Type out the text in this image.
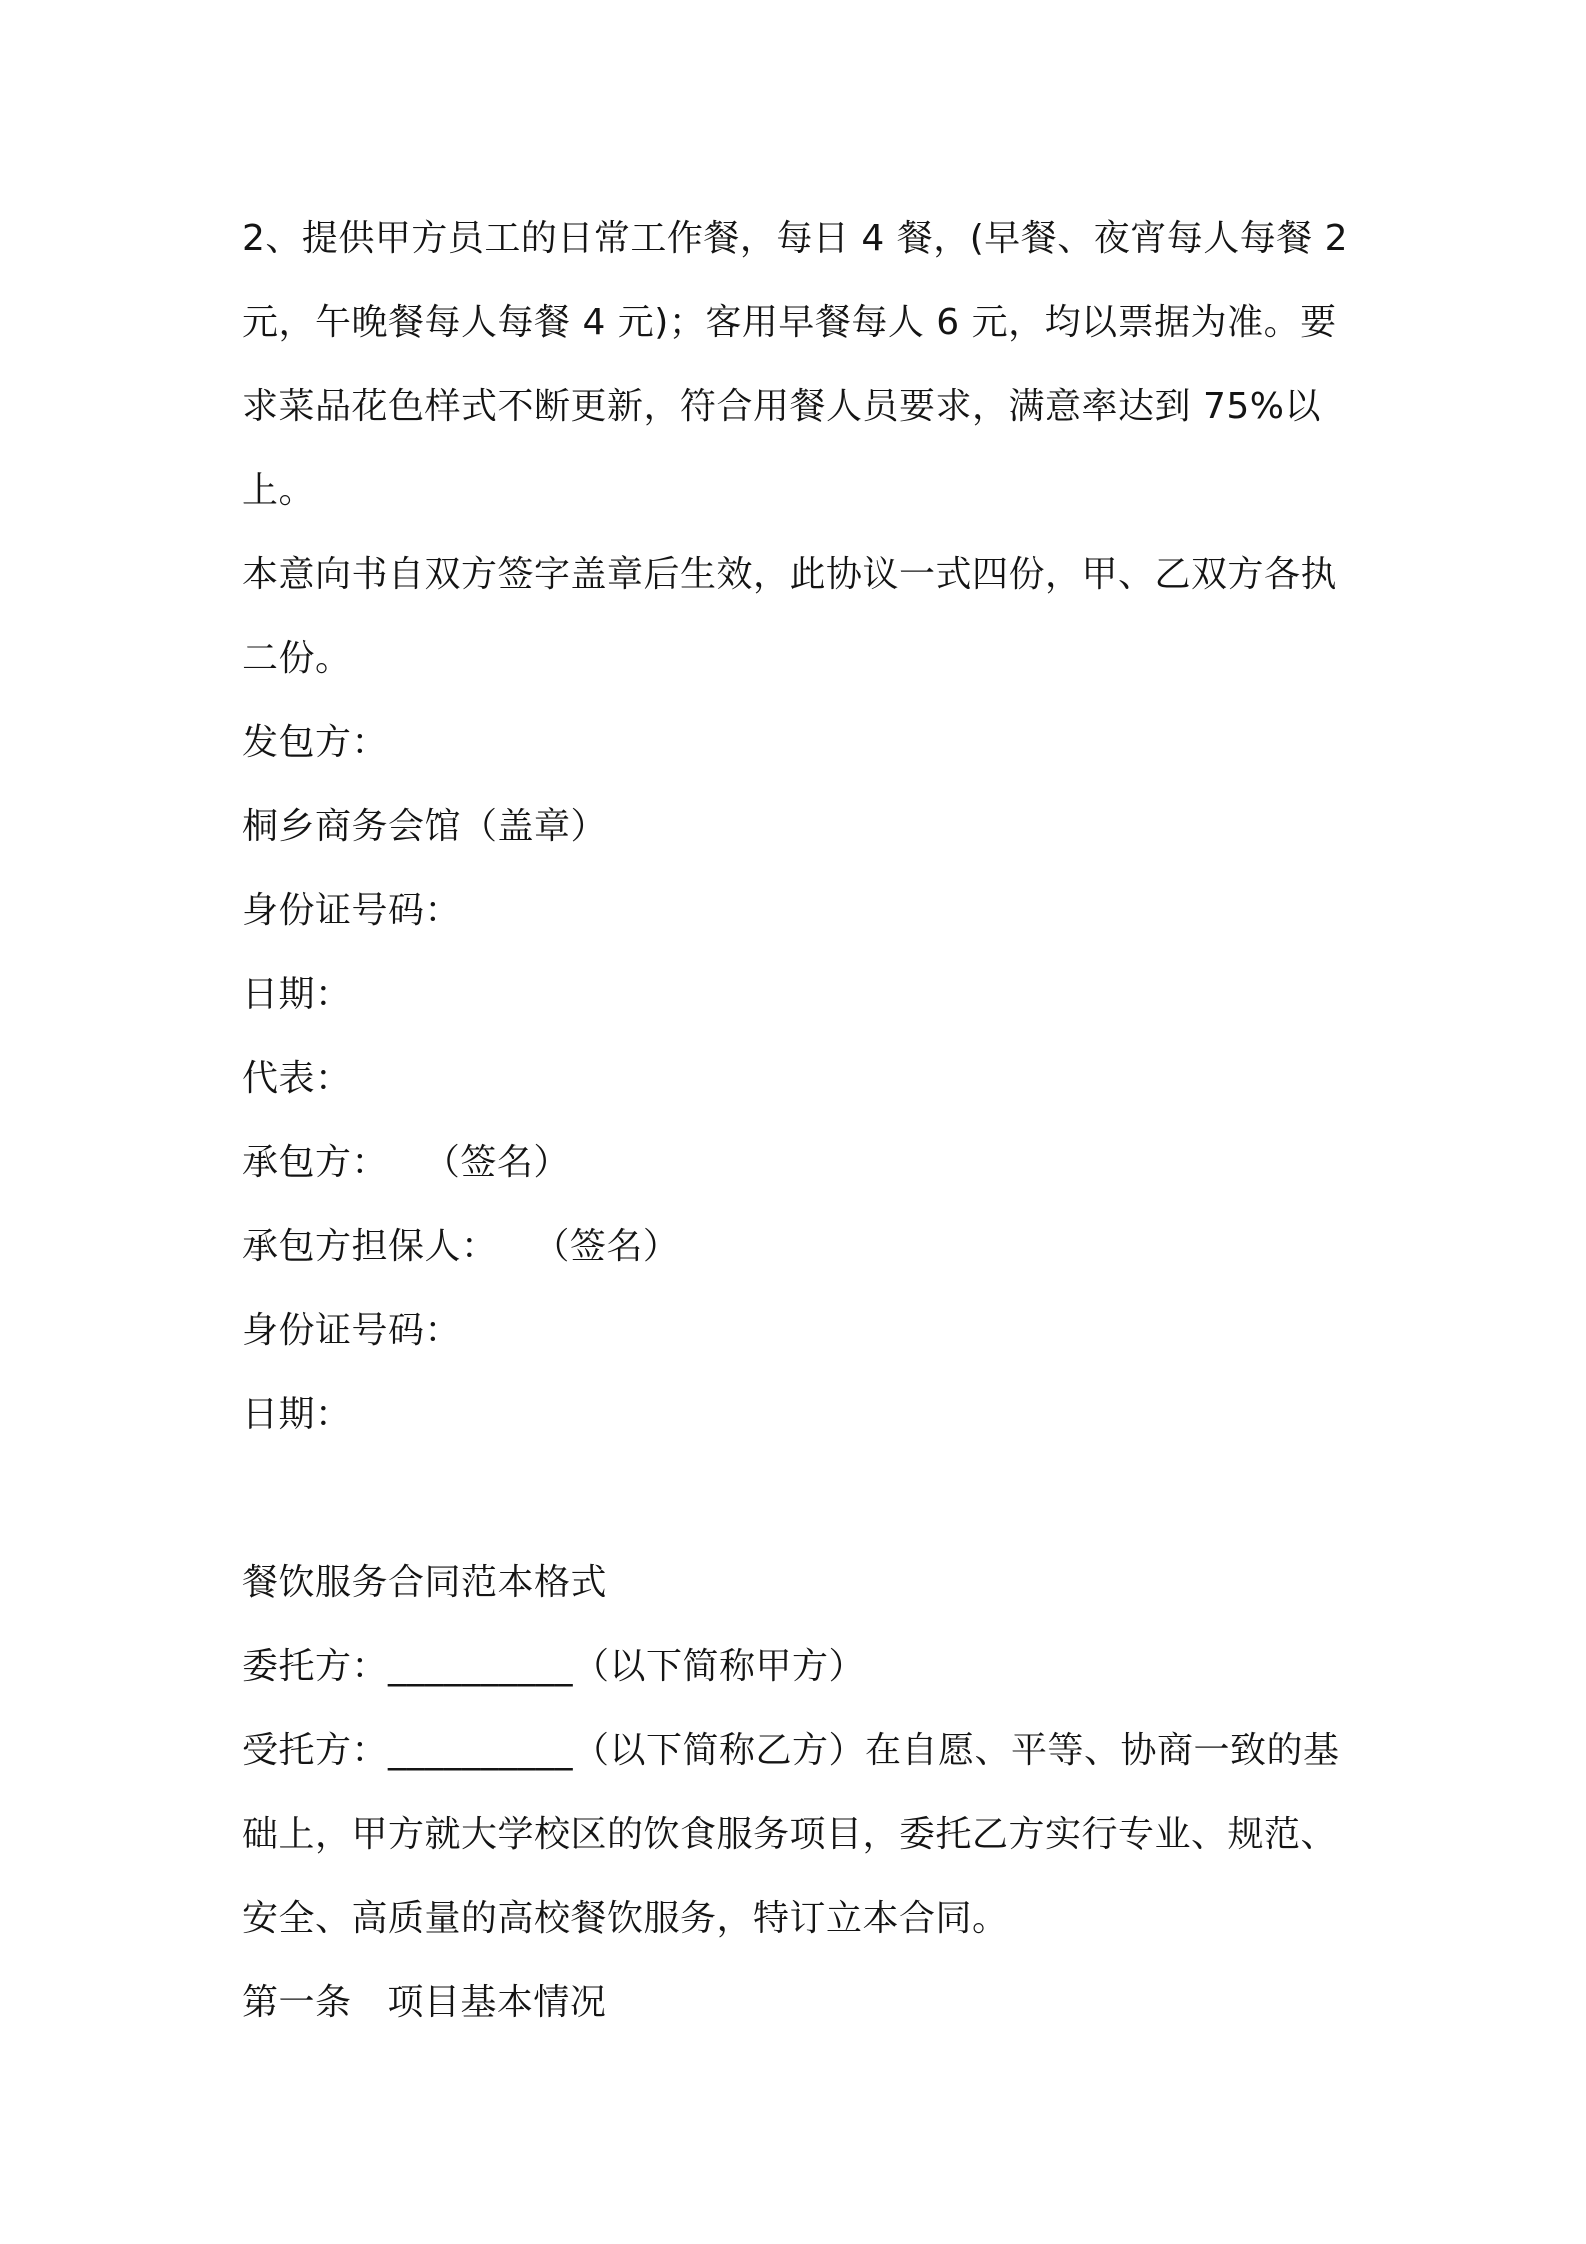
2、提供甲方员工的日常工作餐，每日 4 餐，(早餐、夜宵每人每餐 2

元，午晚餐每人每餐 4 元)；客用早餐每人 6 元，均以票据为准。要

求菜品花色样式不断更新，符合用餐人员要求，满意率达到 75%以

上。

本意向书自双方签字盖章后生效，此协议一式四份，甲、乙双方各执

二份。

发包方：

桐乡商务会馆（盖章）

身份证号码：

日期：

代表：

承包方：   （签名）

承包方担保人：   （签名）

身份证号码：

日期：

餐饮服务合同范本格式

委托方：__________（以下简称甲方）

受托方：__________（以下简称乙方）在自愿、平等、协商一致的基

础上，甲方就大学校区的饮食服务项目，委托乙方实行专业、规范、

安全、高质量的高校餐饮服务，特订立本合同。

第一条   项目基本情况
